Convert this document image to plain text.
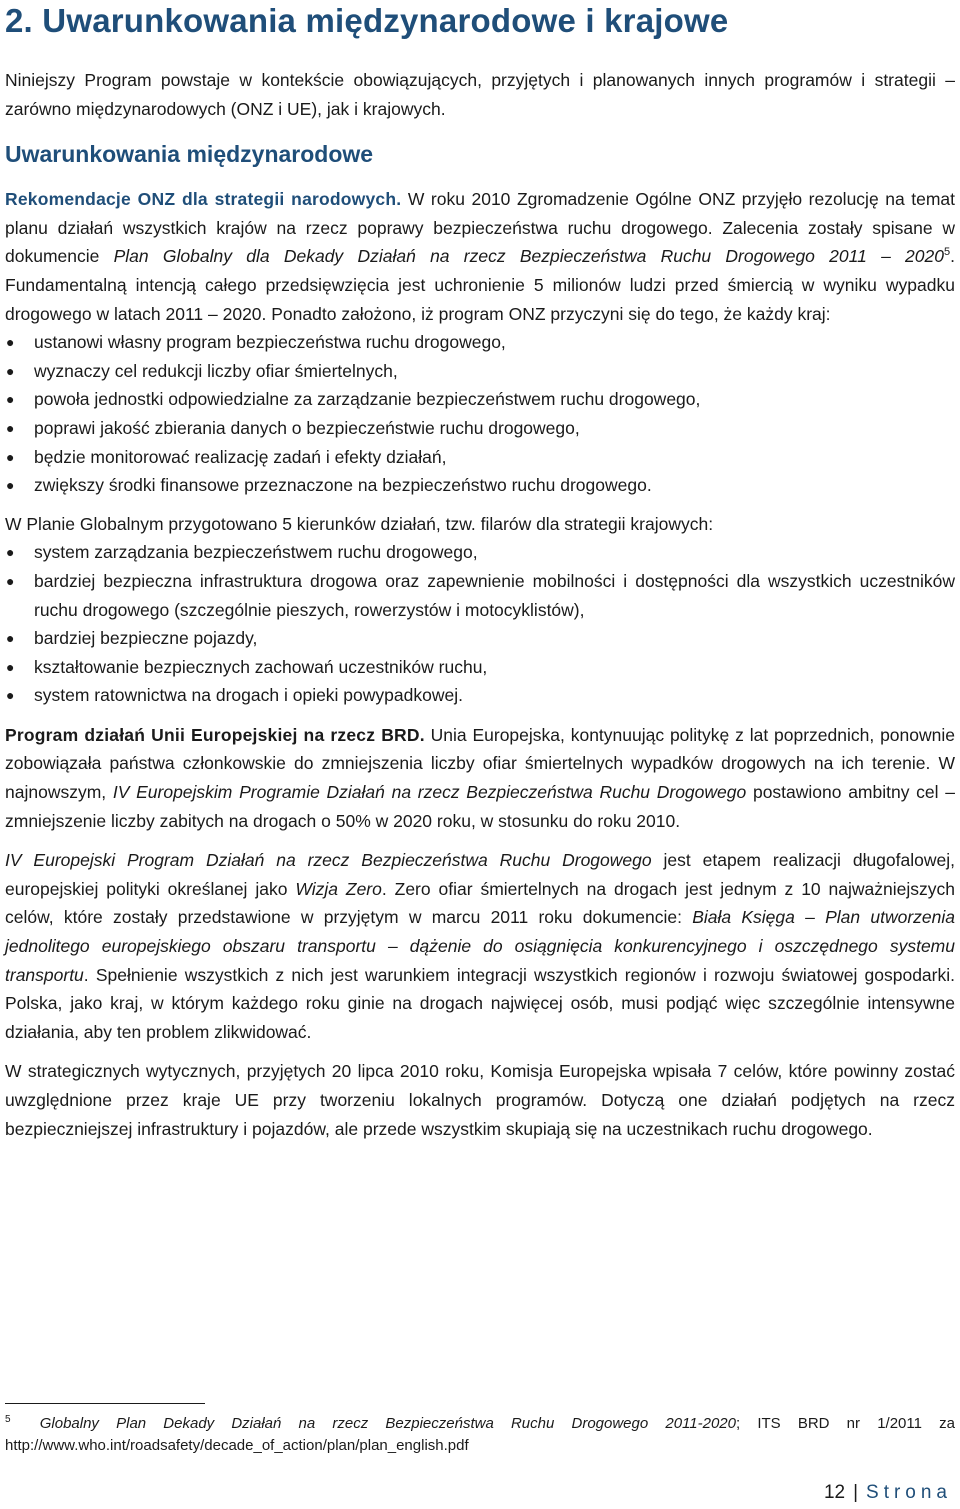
2. Uwarunkowania międzynarodowe i krajowe

Niniejszy Program powstaje w kontekście obowiązujących, przyjętych i planowanych innych programów i strategii – zarówno międzynarodowych (ONZ i UE), jak i krajowych.

Uwarunkowania międzynarodowe

Rekomendacje ONZ dla strategii narodowych. W roku 2010 Zgromadzenie Ogólne ONZ przyjęło rezolucję na temat planu działań wszystkich krajów na rzecz poprawy bezpieczeństwa ruchu drogowego. Zalecenia zostały spisane w dokumencie Plan Globalny dla Dekady Działań na rzecz Bezpieczeństwa Ruchu Drogowego 2011 – 2020$^5$. Fundamentalną intencją całego przedsięwzięcia jest uchronienie 5 milionów ludzi przed śmiercią w wyniku wypadku drogowego w latach 2011 – 2020. Ponadto założono, iż program ONZ przyczyni się do tego, że każdy kraj:

● ustanowi własny program bezpieczeństwa ruchu drogowego,
● wyznaczy cel redukcji liczby ofiar śmiertelnych,
● powoła jednostki odpowiedzialne za zarządzanie bezpieczeństwem ruchu drogowego,
● poprawi jakość zbierania danych o bezpieczeństwie ruchu drogowego,
● będzie monitorować realizację zadań i efekty działań,
● zwiększy środki finansowe przeznaczone na bezpieczeństwo ruchu drogowego.

W Planie Globalnym przygotowano 5 kierunków działań, tzw. filarów dla strategii krajowych:

● system zarządzania bezpieczeństwem ruchu drogowego,
● bardziej bezpieczna infrastruktura drogowa oraz zapewnienie mobilności i dostępności dla wszystkich uczestników ruchu drogowego (szczególnie pieszych, rowerzystów i motocyklistów),
● bardziej bezpieczne pojazdy,
● kształtowanie bezpiecznych zachowań uczestników ruchu,
● system ratownictwa na drogach i opieki powypadkowej.

Program działań Unii Europejskiej na rzecz BRD. Unia Europejska, kontynuując politykę z lat poprzednich, ponownie zobowiązała państwa członkowskie do zmniejszenia liczby ofiar śmiertelnych wypadków drogowych na ich terenie. W najnowszym, IV Europejskim Programie Działań na rzecz Bezpieczeństwa Ruchu Drogowego postawiono ambitny cel – zmniejszenie liczby zabitych na drogach o 50% w 2020 roku, w stosunku do roku 2010.

IV Europejski Program Działań na rzecz Bezpieczeństwa Ruchu Drogowego jest etapem realizacji długofalowej, europejskiej polityki określanej jako Wizja Zero. Zero ofiar śmiertelnych na drogach jest jednym z 10 najważniejszych celów, które zostały przedstawione w przyjętym w marcu 2011 roku dokumencie: Biała Księga – Plan utworzenia jednolitego europejskiego obszaru transportu – dążenie do osiągnięcia konkurencyjnego i oszczędnego systemu transportu. Spełnienie wszystkich z nich jest warunkiem integracji wszystkich regionów i rozwoju światowej gospodarki. Polska, jako kraj, w którym każdego roku ginie na drogach najwięcej osób, musi podjąć więc szczególnie intensywne działania, aby ten problem zlikwidować.

W strategicznych wytycznych, przyjętych 20 lipca 2010 roku, Komisja Europejska wpisała 7 celów, które powinny zostać uwzględnione przez kraje UE przy tworzeniu lokalnych programów. Dotyczą one działań podjętych na rzecz bezpieczniejszej infrastruktury i pojazdów, ale przede wszystkim skupiają się na uczestnikach ruchu drogowego.

$^5$ Globalny Plan Dekady Działań na rzecz Bezpieczeństwa Ruchu Drogowego 2011-2020; ITS BRD nr 1/2011 za http://www.who.int/roadsafety/decade_of_action/plan/plan_english.pdf
12 | Strona
